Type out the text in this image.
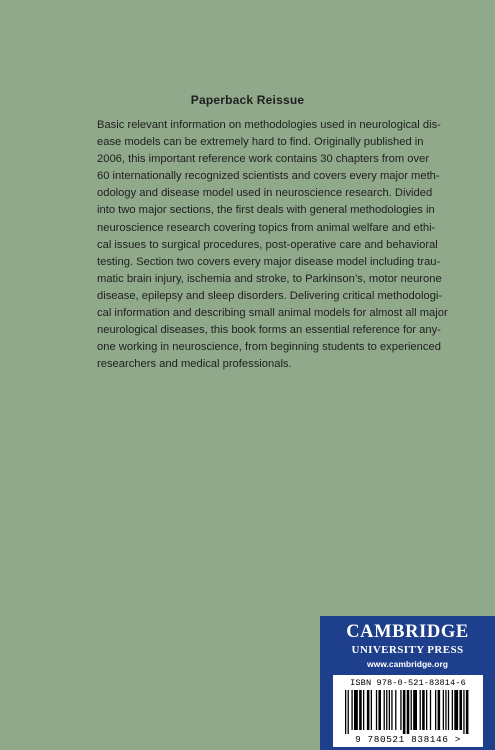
Paperback Reissue
Basic relevant information on methodologies used in neurological dis-
ease models can be extremely hard to find. Originally published in
2006, this important reference work contains 30 chapters from over
60 internationally recognized scientists and covers every major meth-
odology and disease model used in neuroscience research. Divided
into two major sections, the first deals with general methodologies in
neuroscience research covering topics from animal welfare and ethi-
cal issues to surgical procedures, post-operative care and behavioral
testing. Section two covers every major disease model including trau-
matic brain injury, ischemia and stroke, to Parkinson’s, motor neurone
disease, epilepsy and sleep disorders. Delivering critical methodologi-
cal information and describing small animal models for almost all major
neurological diseases, this book forms an essential reference for any-
one working in neuroscience, from beginning students to experienced
researchers and medical professionals.
CAMBRIDGE
UNIVERSITY PRESS
www.cambridge.org
ISBN 978-0-521-83814-6
9 780521 838146 >
